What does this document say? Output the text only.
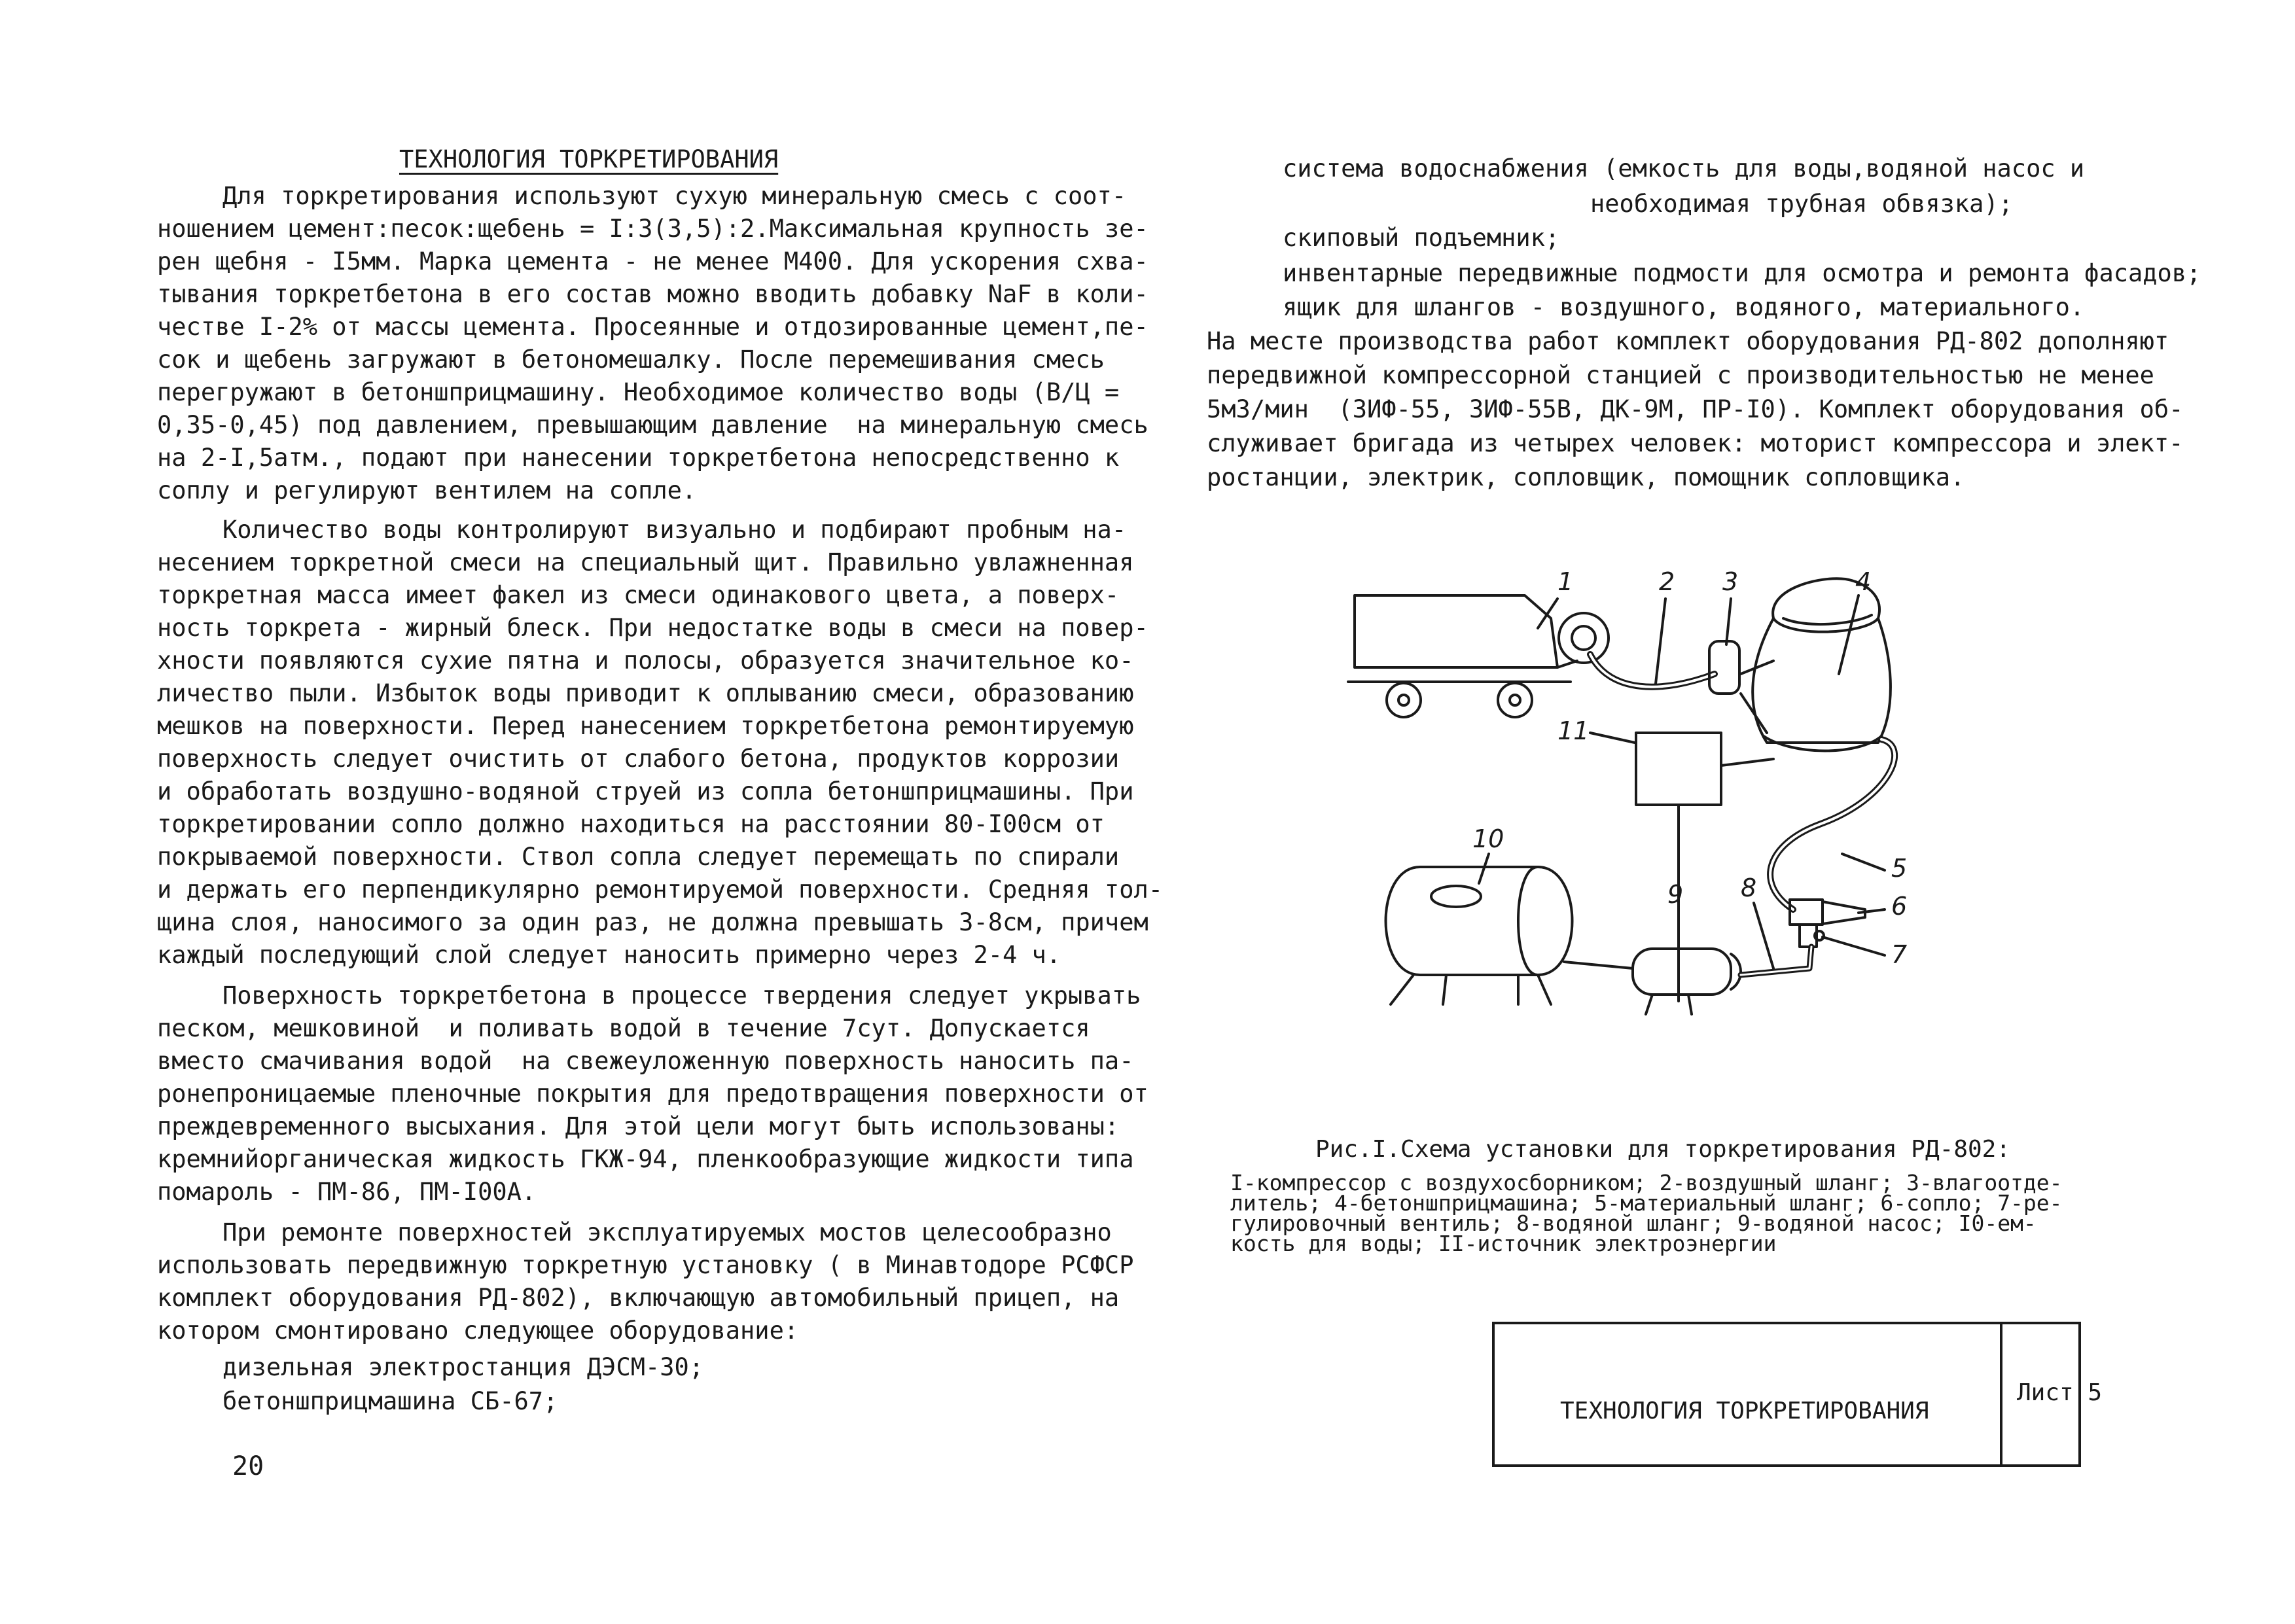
ТЕХНОЛОГИЯ ТОРКРЕТИРОВАНИЯ
Для торкретирования используют сухую минеральную смесь с соот-
ношением цемент:песок:щебень = I:3(3,5):2.Максимальная крупность зе-
рен щебня - I5мм. Марка цемента - не менее М400. Для ускорения схва-
тывания торкретбетона в его состав можно вводить добавку NaF в коли-
честве I-2% от массы цемента. Просеянные и отдозированные цемент,пе-
сок и щебень загружают в бетономешалку. После перемешивания смесь
перегружают в бетоншприцмашину. Необходимое количество воды (В/Ц =
0,35-0,45) под давлением, превышающим давление  на минеральную смесь
на 2-I,5атм., подают при нанесении торкретбетона непосредственно к
соплу и регулируют вентилем на сопле.
Количество воды контролируют визуально и подбирают пробным на-
несением торкретной смеси на специальный щит. Правильно увлажненная
торкретная масса имеет факел из смеси одинакового цвета, а поверх-
ность торкрета - жирный блеск. При недостатке воды в смеси на повер-
хности появляются сухие пятна и полосы, образуется значительное ко-
личество пыли. Избыток воды приводит к оплыванию смеси, образованию
мешков на поверхности. Перед нанесением торкретбетона ремонтируемую
поверхность следует очистить от слабого бетона, продуктов коррозии
и обработать воздушно-водяной струей из сопла бетоншприцмашины. При
торкретировании сопло должно находиться на расстоянии 80-I00см от
покрываемой поверхности. Ствол сопла следует перемещать по спирали
и держать его перпендикулярно ремонтируемой поверхности. Средняя тол-
щина слоя, наносимого за один раз, не должна превышать 3-8см, причем
каждый последующий слой следует наносить примерно через 2-4 ч.
Поверхность торкретбетона в процессе твердения следует укрывать
песком, мешковиной  и поливать водой в течение 7сут. Допускается
вместо смачивания водой  на свежеуложенную поверхность наносить па-
ронепроницаемые пленочные покрытия для предотвращения поверхности от
преждевременного высыхания. Для этой цели могут быть использованы:
кремнийорганическая жидкость ГКЖ-94, пленкообразующие жидкости типа
помароль - ПМ-86, ПМ-I00А.
При ремонте поверхностей эксплуатируемых мостов целесообразно
использовать передвижную торкретную установку ( в Минавтодоре РСФСР
комплект оборудования РД-802), включающую автомобильный прицеп, на
котором смонтировано следующее оборудование:
дизельная электростанция ДЭСМ-30;
бетоншприцмашина СБ-67;
20
система водоснабжения (емкость для воды,водяной насос и
необходимая трубная обвязка);
скиповый подъемник;
инвентарные передвижные подмости для осмотра и ремонта фасадов;
ящик для шлангов - воздушного, водяного, материального.
На месте производства работ комплект оборудования РД-802 дополняют
передвижной компрессорной станцией с производительностью не менее
5м3/мин  (ЗИФ-55, ЗИФ-55В, ДК-9М, ПР-I0). Комплект оборудования об-
служивает бригада из четырех человек: моторист компрессора и элект-
ростанции, электрик, сопловщик, помощник сопловщика.
1	2 3	4
5
6
7
8
9
10
11
Рис.I.Схема установки для торкретирования РД-802:
I-компрессор с воздухосборником; 2-воздушный шланг; 3-влагоотде-
литель; 4-бетоншприцмашина; 5-материальный шланг; 6-сопло; 7-ре-
гулировочный вентиль; 8-водяной шланг; 9-водяной насос; I0-ем-
кость для воды; II-источник электроэнергии
ТЕХНОЛОГИЯ ТОРКРЕТИРОВАНИЯ
Лист 5
